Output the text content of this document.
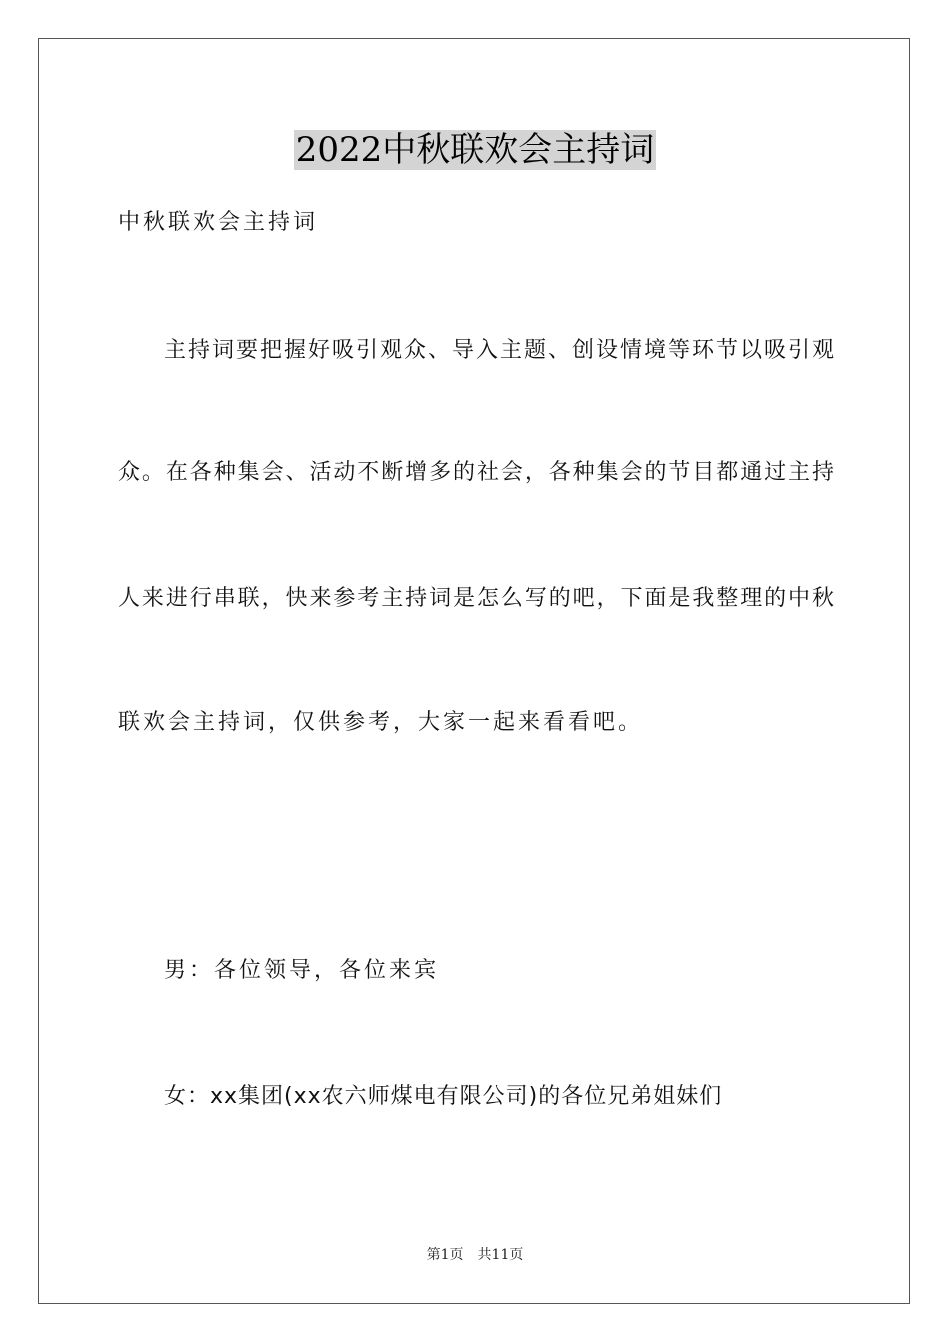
2022中秋联欢会主持词
中秋联欢会主持词
主持词要把握好吸引观众、导入主题、创设情境等环节以吸引观
众。在各种集会、活动不断增多的社会，各种集会的节目都通过主持
人来进行串联，快来参考主持词是怎么写的吧，下面是我整理的中秋
联欢会主持词，仅供参考，大家一起来看看吧。
男：各位领导，各位来宾
女：xx集团(xx农六师煤电有限公司)的各位兄弟姐妹们
第1页 共11页
